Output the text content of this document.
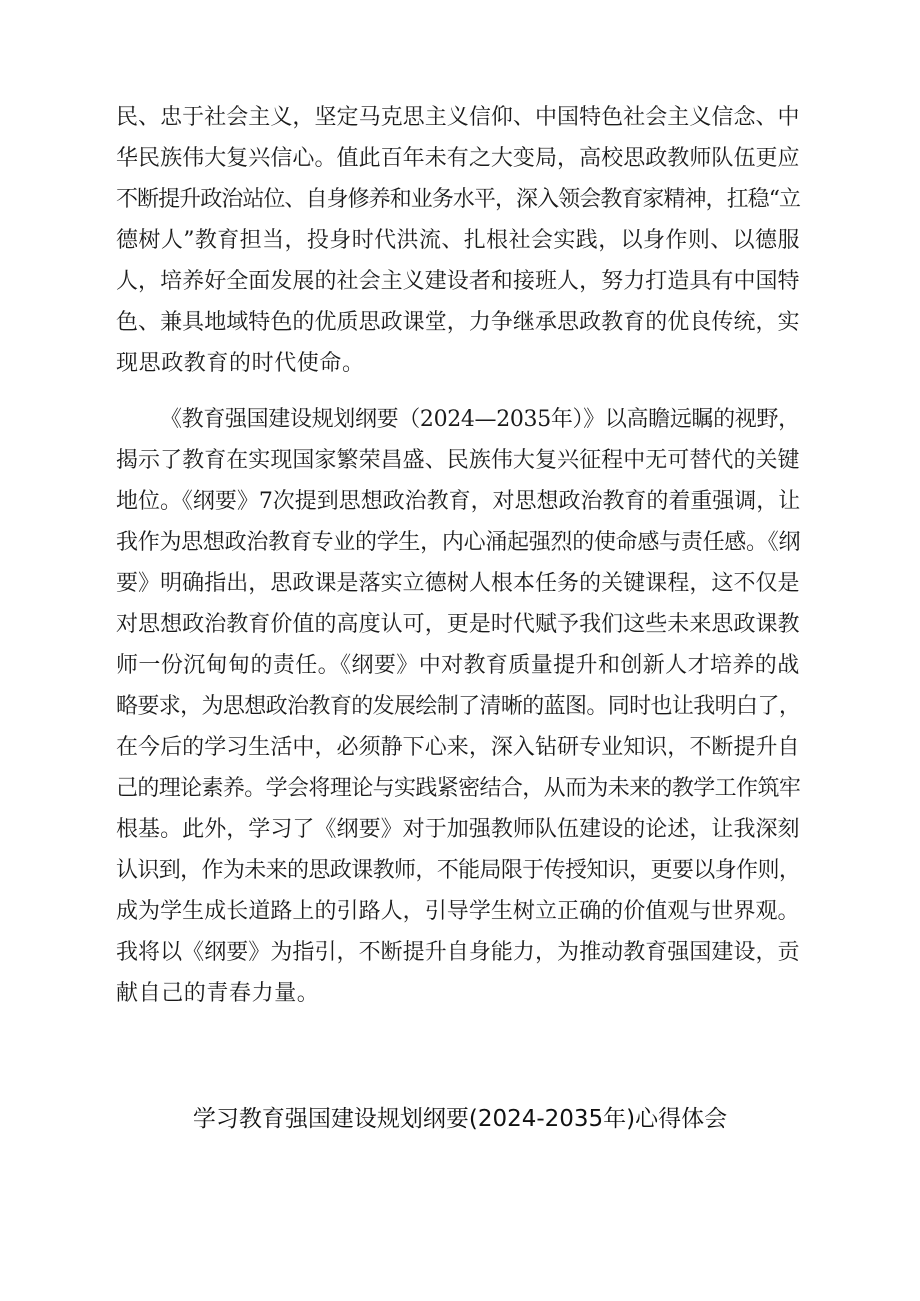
民、忠于社会主义，坚定马克思主义信仰、中国特色社会主义信念、中
华民族伟大复兴信心。值此百年未有之大变局，高校思政教师队伍更应
不断提升政治站位、自身修养和业务水平，深入领会教育家精神，扛稳“立
德树人”教育担当，投身时代洪流、扎根社会实践，以身作则、以德服
人，培养好全面发展的社会主义建设者和接班人，努力打造具有中国特
色、兼具地域特色的优质思政课堂，力争继承思政教育的优良传统，实
现思政教育的时代使命。
《教育强国建设规划纲要（2024—2035年）》以高瞻远瞩的视野，
揭示了教育在实现国家繁荣昌盛、民族伟大复兴征程中无可替代的关键
地位。《纲要》7次提到思想政治教育，对思想政治教育的着重强调，让
我作为思想政治教育专业的学生，内心涌起强烈的使命感与责任感。《纲
要》明确指出，思政课是落实立德树人根本任务的关键课程，这不仅是
对思想政治教育价值的高度认可，更是时代赋予我们这些未来思政课教
师一份沉甸甸的责任。《纲要》中对教育质量提升和创新人才培养的战
略要求，为思想政治教育的发展绘制了清晰的蓝图。同时也让我明白了，
在今后的学习生活中，必须静下心来，深入钻研专业知识，不断提升自
己的理论素养。学会将理论与实践紧密结合，从而为未来的教学工作筑牢
根基。此外，学习了《纲要》对于加强教师队伍建设的论述，让我深刻
认识到，作为未来的思政课教师，不能局限于传授知识，更要以身作则，
成为学生成长道路上的引路人，引导学生树立正确的价值观与世界观。
我将以《纲要》为指引，不断提升自身能力，为推动教育强国建设，贡
献自己的青春力量。
学习教育强国建设规划纲要(2024-2035年)心得体会
